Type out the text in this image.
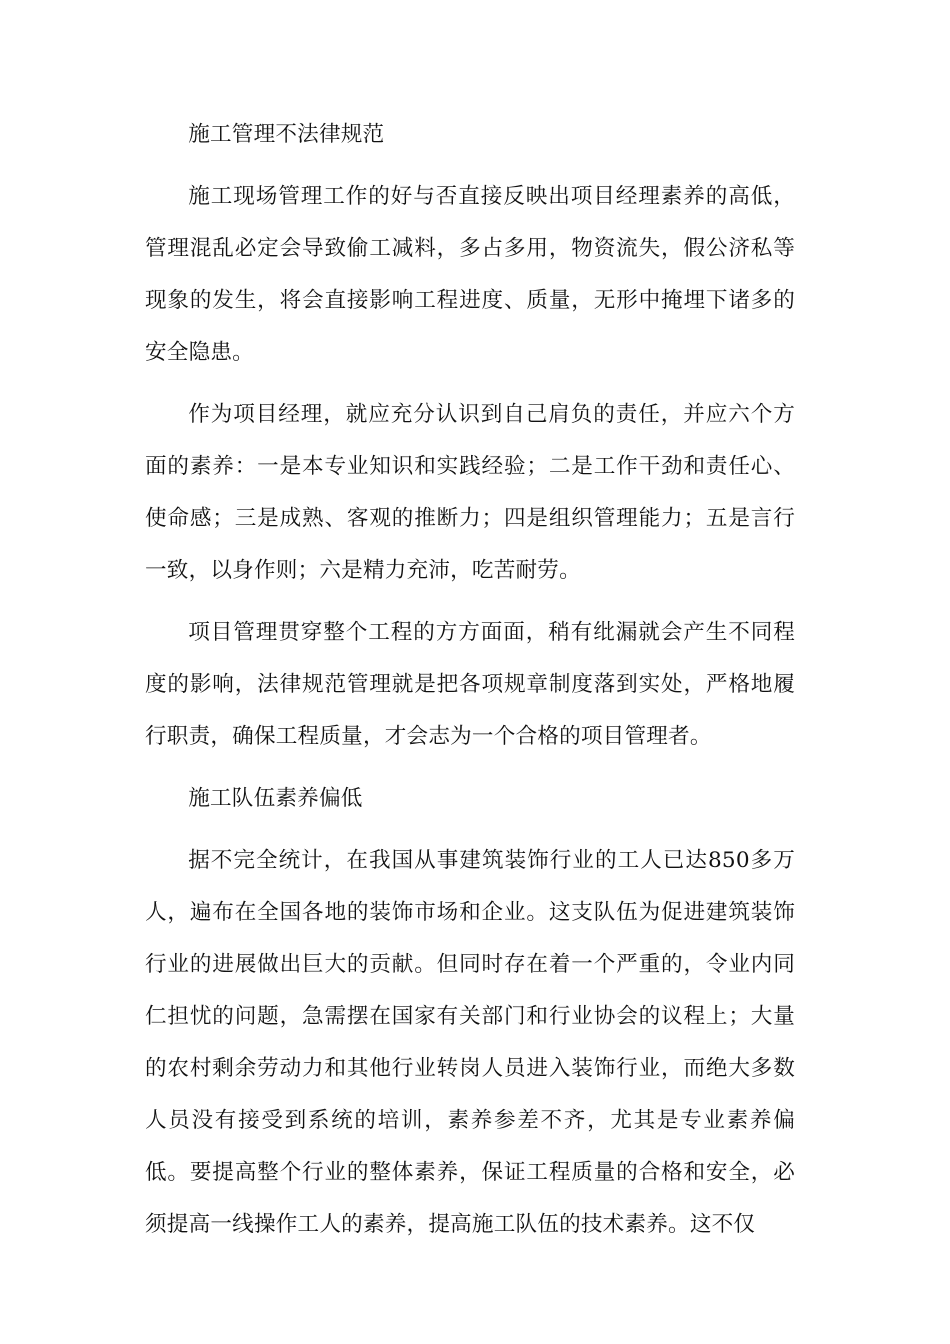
施工管理不法律规范

施工现场管理工作的好与否直接反映出项目经理素养的高低，管理混乱必定会导致偷工减料，多占多用，物资流失，假公济私等现象的发生，将会直接影响工程进度、质量，无形中掩埋下诸多的安全隐患。

作为项目经理，就应充分认识到自己肩负的责任，并应六个方面的素养：一是本专业知识和实践经验；二是工作干劲和责任心、使命感；三是成熟、客观的推断力；四是组织管理能力；五是言行一致，以身作则；六是精力充沛，吃苦耐劳。

项目管理贯穿整个工程的方方面面，稍有纰漏就会产生不同程度的影响，法律规范管理就是把各项规章制度落到实处，严格地履行职责，确保工程质量，才会志为一个合格的项目管理者。

施工队伍素养偏低

据不完全统计，在我国从事建筑装饰行业的工人已达850多万人，遍布在全国各地的装饰市场和企业。这支队伍为促进建筑装饰行业的进展做出巨大的贡献。但同时存在着一个严重的，令业内同仁担忧的问题，急需摆在国家有关部门和行业协会的议程上；大量的农村剩余劳动力和其他行业转岗人员进入装饰行业，而绝大多数人员没有接受到系统的培训，素养参差不齐，尤其是专业素养偏低。要提高整个行业的整体素养，保证工程质量的合格和安全，必须提高一线操作工人的素养，提高施工队伍的技术素养。这不仅
